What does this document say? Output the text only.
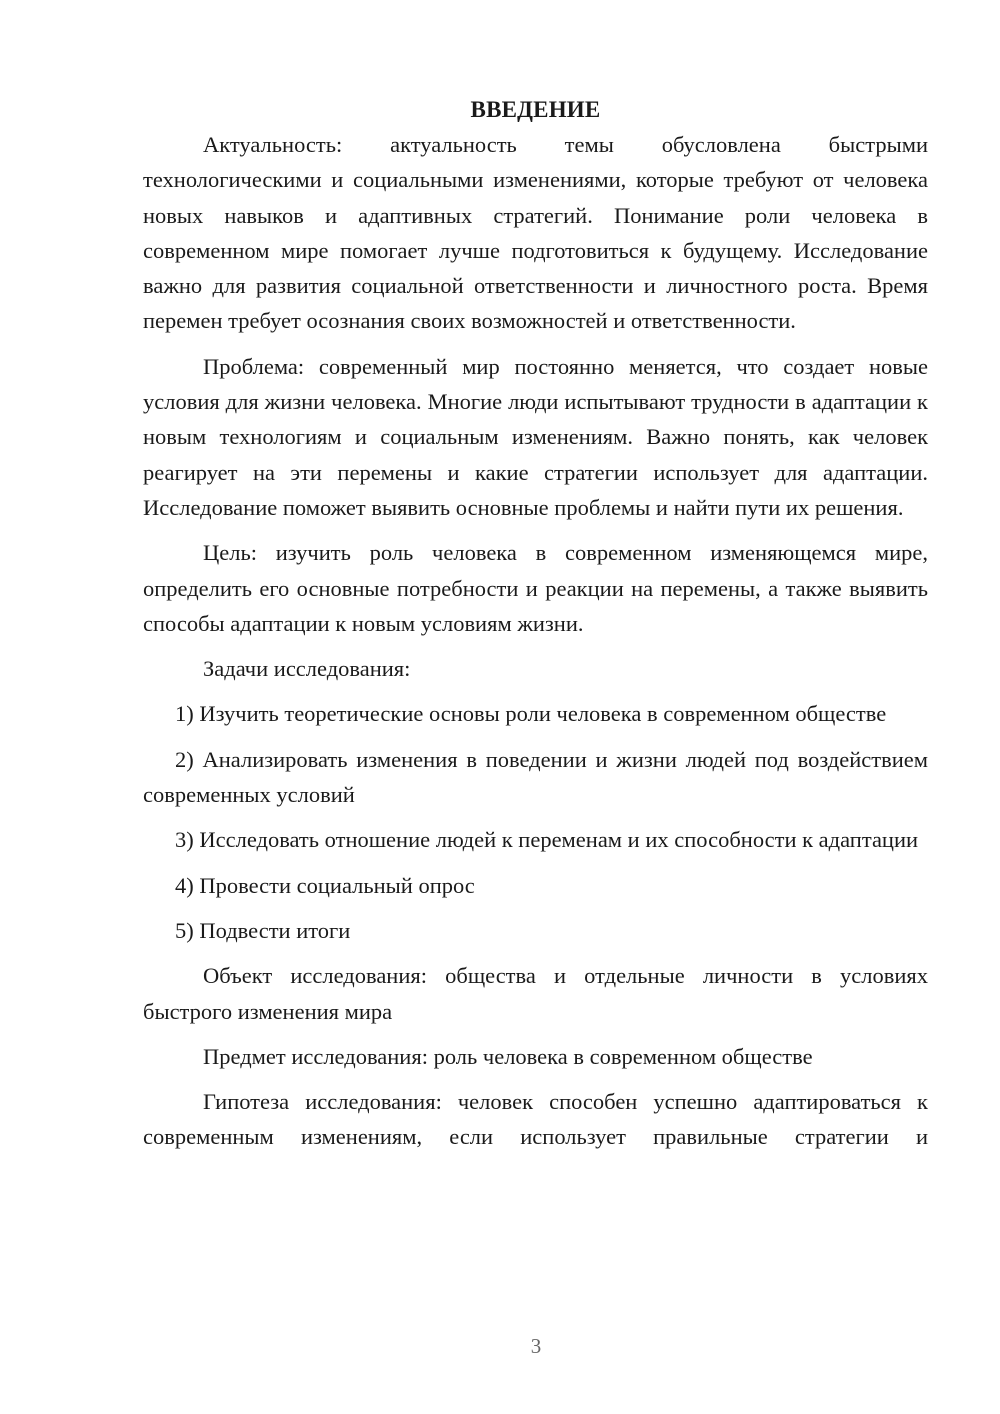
ВВЕДЕНИЕ

Актуальность: актуальность темы обусловлена быстрыми технологическими и социальными изменениями, которые требуют от человека новых навыков и адаптивных стратегий. Понимание роли человека в современном мире помогает лучше подготовиться к будущему. Исследование важно для развития социальной ответственности и личностного роста. Время перемен требует осознания своих возможностей и ответственности.

Проблема: современный мир постоянно меняется, что создает новые условия для жизни человека. Многие люди испытывают трудности в адаптации к новым технологиям и социальным изменениям. Важно понять, как человек реагирует на эти перемены и какие стратегии использует для адаптации. Исследование поможет выявить основные проблемы и найти пути их решения.

Цель: изучить роль человека в современном изменяющемся мире, определить его основные потребности и реакции на перемены, а также выявить способы адаптации к новым условиям жизни.

Задачи исследования:

1) Изучить теоретические основы роли человека в современном обществе
2) Анализировать изменения в поведении и жизни людей под воздействием современных условий
3) Исследовать отношение людей к переменам и их способности к адаптации
4) Провести социальный опрос
5) Подвести итоги

Объект исследования: общества и отдельные личности в условиях быстрого изменения мира

Предмет исследования: роль человека в современном обществе

Гипотеза исследования: человек способен успешно адаптироваться к современным изменениям, если использует правильные стратегии и

3
